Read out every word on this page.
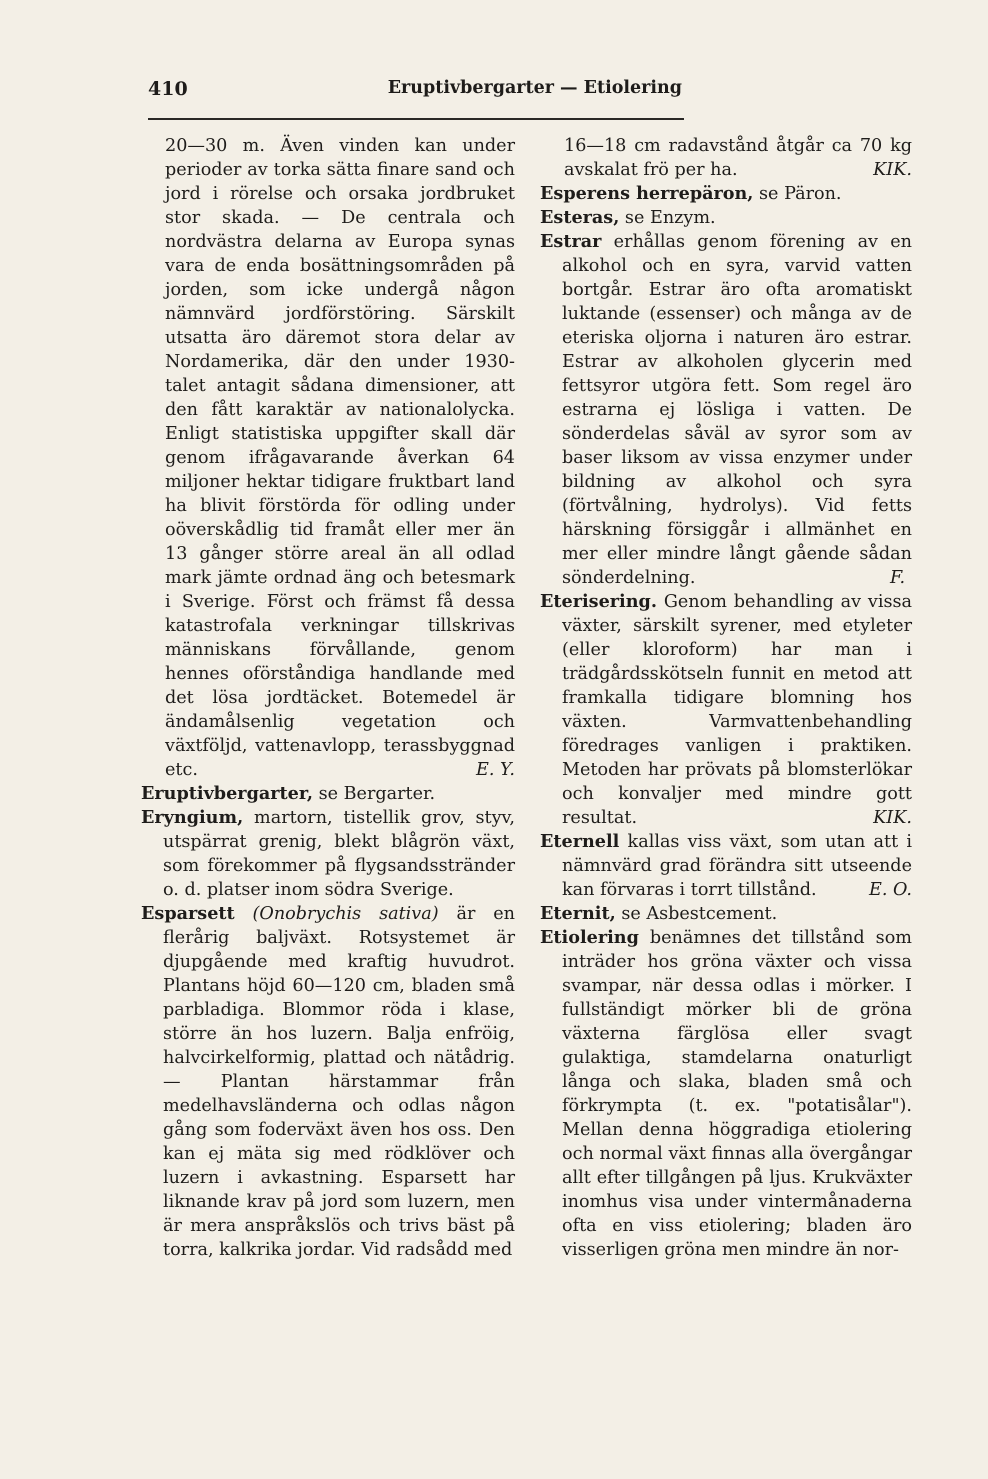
410	Eruptivbergarter — Etiolering

20—30 m. Även vinden kan under perioder av torka sätta finare sand och jord i rörelse och orsaka jordbruket stor skada. — De centrala och nordvästra delarna av Europa synas vara de enda bosättningsområden på jorden, som icke undergå någon nämnvärd jordförstöring. Särskilt utsatta äro däremot stora delar av Nordamerika, där den under 1930-talet antagit sådana dimensioner, att den fått karaktär av nationalolycka. Enligt statistiska uppgifter skall där genom ifrågavarande åverkan 64 miljoner hektar tidigare fruktbart land ha blivit förstörda för odling under oöverskådlig tid framåt eller mer än 13 gånger större areal än all odlad mark jämte ordnad äng och betesmark i Sverige. Först och främst få dessa katastrofala verkningar tillskrivas människans förvållande, genom hennes oförståndiga handlande med det lösa jordtäcket. Botemedel är ändamålsenlig vegetation och växtföljd, vattenavlopp, terassbyggnad etc.	E. Y.

Eruptivbergarter, se Bergarter.

Eryngium, martorn, tistellik grov, styv, utspärrat grenig, blekt blågrön växt, som förekommer på flygsandsstränder o. d. platser inom södra Sverige.

Esparsett (Onobrychis sativa) är en flerårig baljväxt. Rotsystemet är djupgående med kraftig huvudrot. Plantans höjd 60—120 cm, bladen små parbladiga. Blommor röda i klase, större än hos luzern. Balja enfröig, halvcirkelformig, plattad och nätådrig. — Plantan härstammar från medelhavsländerna och odlas någon gång som foderväxt även hos oss. Den kan ej mäta sig med rödklöver och luzern i avkastning. Esparsett har liknande krav på jord som luzern, men är mera anspråkslös och trivs bäst på torra, kalkrika jordar. Vid radsådd med

16—18 cm radavstånd åtgår ca 70 kg avskalat frö per ha.	KIK.

Esperens herrepäron, se Päron.

Esteras, se Enzym.

Estrar erhållas genom förening av en alkohol och en syra, varvid vatten bortgår. Estrar äro ofta aromatiskt luktande (essenser) och många av de eteriska oljorna i naturen äro estrar. Estrar av alkoholen glycerin med fettsyror utgöra fett. Som regel äro estrarna ej lösliga i vatten. De sönderdelas såväl av syror som av baser liksom av vissa enzymer under bildning av alkohol och syra (förtvålning, hydrolys). Vid fetts härskning försiggår i allmänhet en mer eller mindre långt gående sådan sönderdelning.	F.

Eterisering. Genom behandling av vissa växter, särskilt syrener, med etyleter (eller kloroform) har man i trädgårdsskötseln funnit en metod att framkalla tidigare blomning hos växten. Varmvattenbehandling föredrages vanligen i praktiken. Metoden har prövats på blomsterlökar och konvaljer med mindre gott resultat.	KIK.

Eternell kallas viss växt, som utan att i nämnvärd grad förändra sitt utseende kan förvaras i torrt tillstånd.	E. O.

Eternit, se Asbestcement.

Etiolering benämnes det tillstånd som inträder hos gröna växter och vissa svampar, när dessa odlas i mörker. I fullständigt mörker bli de gröna växterna färglösa eller svagt gulaktiga, stamdelarna onaturligt långa och slaka, bladen små och förkrympta (t. ex. "potatisålar"). Mellan denna höggradiga etiolering och normal växt finnas alla övergångar allt efter tillgången på ljus. Krukväxter inomhus visa under vintermånaderna ofta en viss etiolering; bladen äro visserligen gröna men mindre än nor-
